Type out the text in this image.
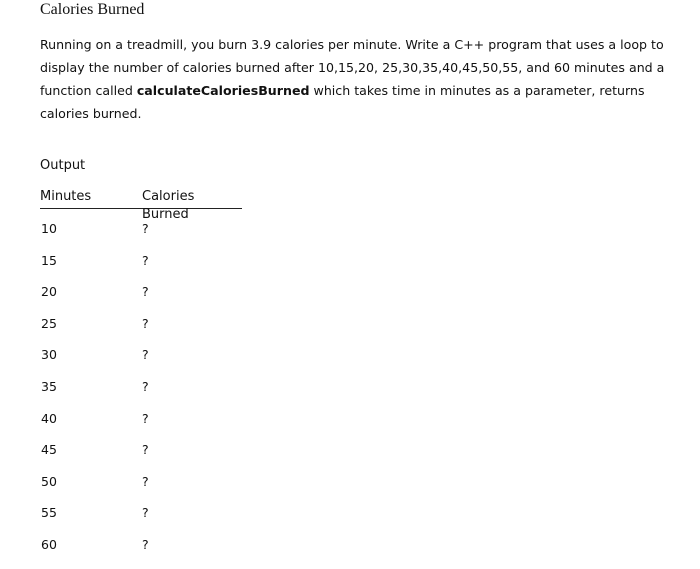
Calories Burned

Running on a treadmill, you burn 3.9 calories per minute. Write a C++ program that uses a loop to display the number of calories burned after 10,15,20, 25,30,35,40,45,50,55, and 60 minutes and a function called calculateCaloriesBurned which takes time in minutes as a parameter, returns calories burned.

Output
Minutes	Calories Burned
10	?
15	?
20	?
25	?
30	?
35	?
40	?
45	?
50	?
55	?
60	?
